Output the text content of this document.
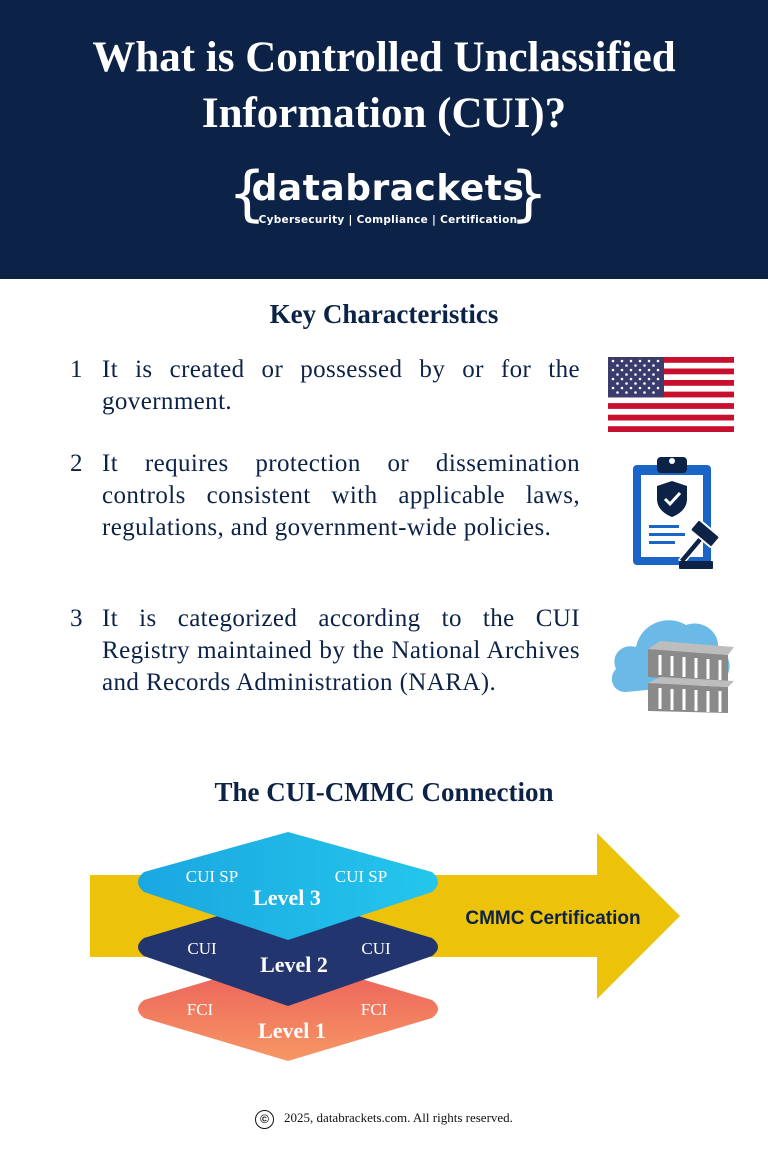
What is Controlled Unclassified
Information (CUI)?
{	}
databrackets
Cybersecurity | Compliance | Certification
Key Characteristics
1 It is created or possessed by or for the government.
2 It requires protection or dissemination controls consistent with applicable laws, regulations, and government-wide policies.
3 It is categorized according to the CUI Registry maintained by the National Archives and Records Administration (NARA).
The CUI-CMMC Connection
CUI SP	CUI SP
Level 3
CUI	CUI
Level 2
FCI	FCI
Level 1
CMMC Certification
© 2025, databrackets.com. All rights reserved.
